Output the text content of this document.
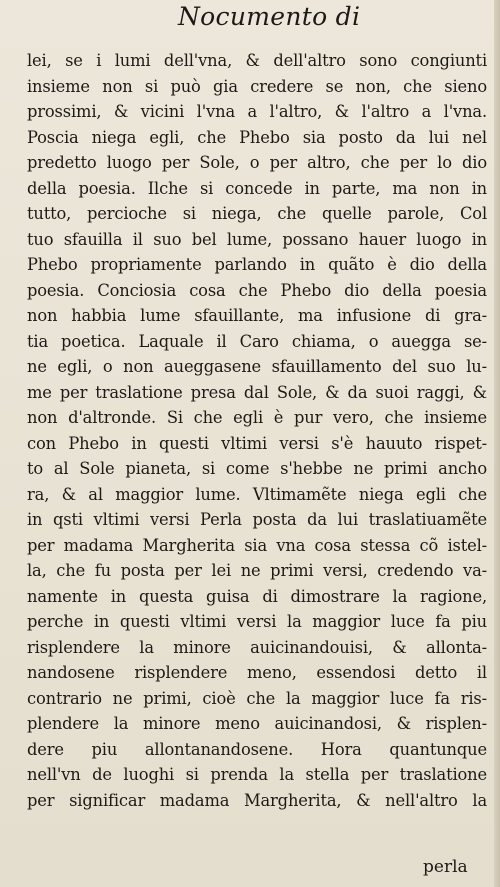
Nocumento di
lei, se i lumi dell'vna, & dell'altro sono congiunti
insieme non si può gia credere se non, che sieno
prossimi, & vicini l'vna a l'altro, & l'altro a l'vna.
Poscia niega egli, che Phebo sia posto da lui nel
predetto luogo per Sole, o per altro, che per lo dio
della poesia. Ilche si concede in parte, ma non in
tutto, percioche si niega, che quelle parole, Col
tuo sfauilla il suo bel lume, possano hauer luogo in
Phebo propriamente parlando in quãto è dio della
poesia. Conciosia cosa che Phebo dio della poesia
non habbia lume sfauillante, ma infusione di gra-
tia poetica. Laquale il Caro chiama, o auegga se-
ne egli, o non aueggasene sfauillamento del suo lu-
me per traslatione presa dal Sole, & da suoi raggi, &
non d'altronde. Si che egli è pur vero, che insieme
con Phebo in questi vltimi versi s'è hauuto rispet-
to al Sole pianeta, si come s'hebbe ne primi ancho
ra, & al maggior lume. Vltimamẽte niega egli che
in qsti vltimi versi Perla posta da lui traslatiuamẽte
per madama Margherita sia vna cosa stessa cõ istel-
la, che fu posta per lei ne primi versi, credendo va-
namente in questa guisa di dimostrare la ragione,
perche in questi vltimi versi la maggior luce fa piu
risplendere la minore auicinandouisi, & allonta-
nandosene risplendere meno, essendosi detto il
contrario ne primi, cioè che la maggior luce fa ris-
plendere la minore meno auicinandosi, & risplen-
dere piu allontanandosene. Hora quantunque
nell'vn de luoghi si prenda la stella per traslatione
per significar madama Margherita, & nell'altro la
perla
